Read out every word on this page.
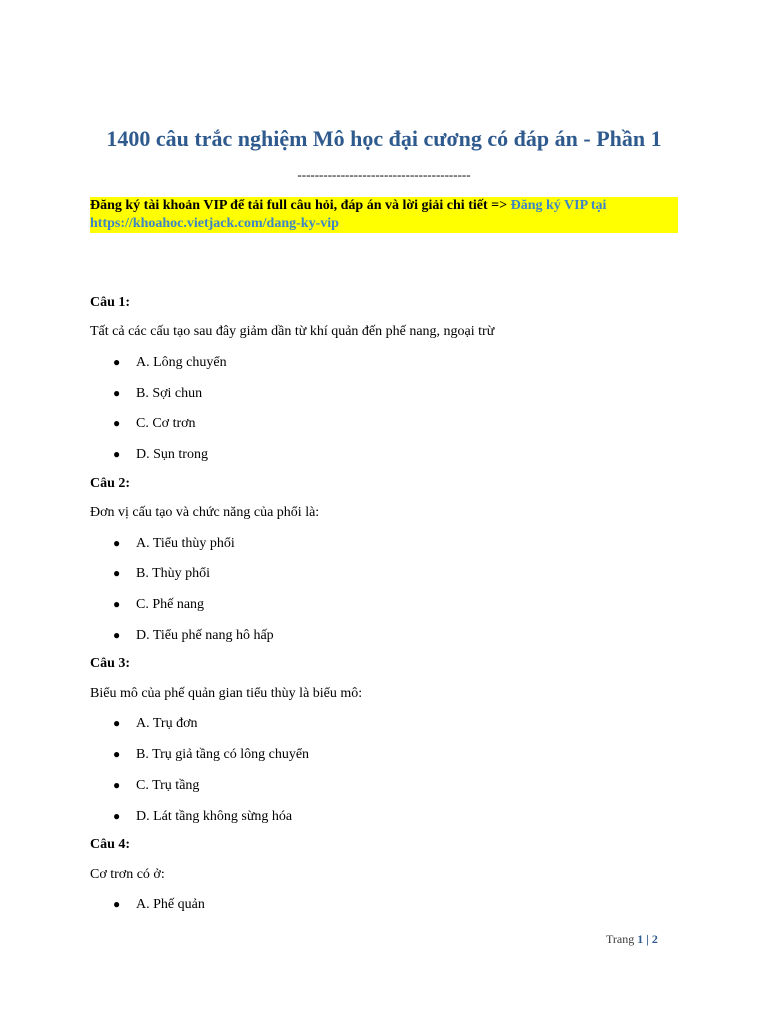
1400 câu trắc nghiệm Mô học đại cương có đáp án - Phần 1
----------------------------------------
Đăng ký tài khoản VIP để tải full câu hỏi, đáp án và lời giải chi tiết => Đăng ký VIP tại https://khoahoc.vietjack.com/dang-ky-vip
Câu 1:
Tất cả các cấu tạo sau đây giảm dần từ khí quản đến phế nang, ngoại trừ
● A. Lông chuyển
● B. Sợi chun
● C. Cơ trơn
● D. Sụn trong
Câu 2:
Đơn vị cấu tạo và chức năng của phổi là:
● A. Tiểu thùy phổi
● B. Thùy phổi
● C. Phế nang
● D. Tiểu phế nang hô hấp
Câu 3:
Biểu mô của phế quản gian tiểu thùy là biểu mô:
● A. Trụ đơn
● B. Trụ giả tầng có lông chuyển
● C. Trụ tầng
● D. Lát tầng không sừng hóa
Câu 4:
Cơ trơn có ở:
● A. Phế quản
Trang 1 | 2
